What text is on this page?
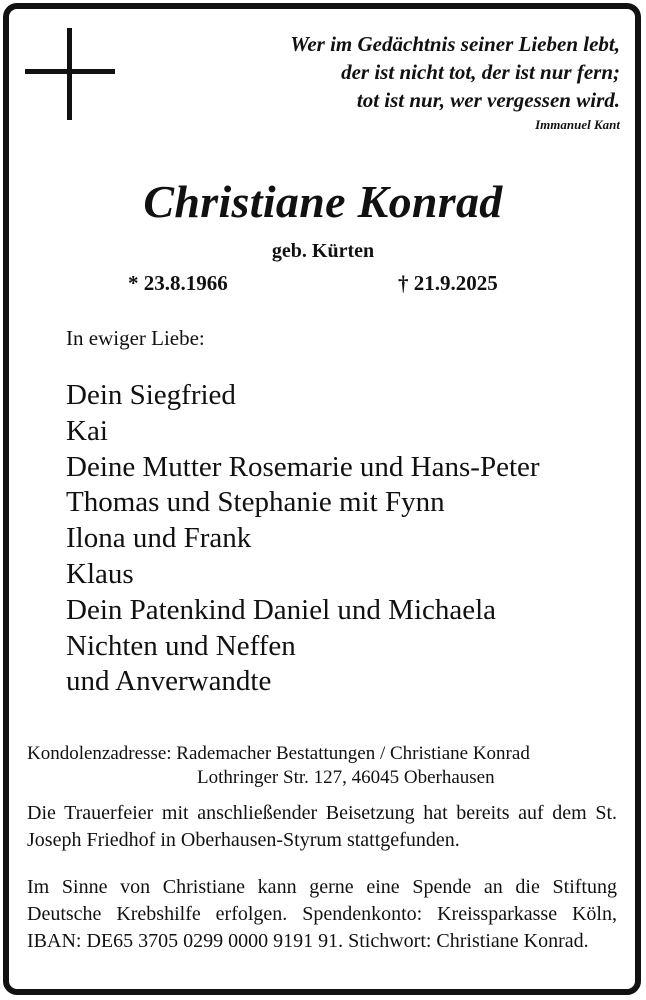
Wer im Gedächtnis seiner Lieben lebt,
der ist nicht tot, der ist nur fern;
tot ist nur, wer vergessen wird.
Immanuel Kant
Christiane Konrad
geb. Kürten
* 23.8.1966	† 21.9.2025
In ewiger Liebe:
Dein Siegfried
Kai
Deine Mutter Rosemarie und Hans-Peter
Thomas und Stephanie mit Fynn
Ilona und Frank
Klaus
Dein Patenkind Daniel und Michaela
Nichten und Neffen
und Anverwandte
Kondolenzadresse: Rademacher Bestattungen / Christiane Konrad
Lothringer Str. 127, 46045 Oberhausen
Die Trauerfeier mit anschließender Beisetzung hat bereits auf dem St. Joseph Friedhof in Oberhausen-Styrum stattgefunden.
Im Sinne von Christiane kann gerne eine Spende an die Stiftung Deutsche Krebshilfe erfolgen. Spendenkonto: Kreissparkasse Köln, IBAN: DE65 3705 0299 0000 9191 91. Stichwort: Christiane Konrad.
